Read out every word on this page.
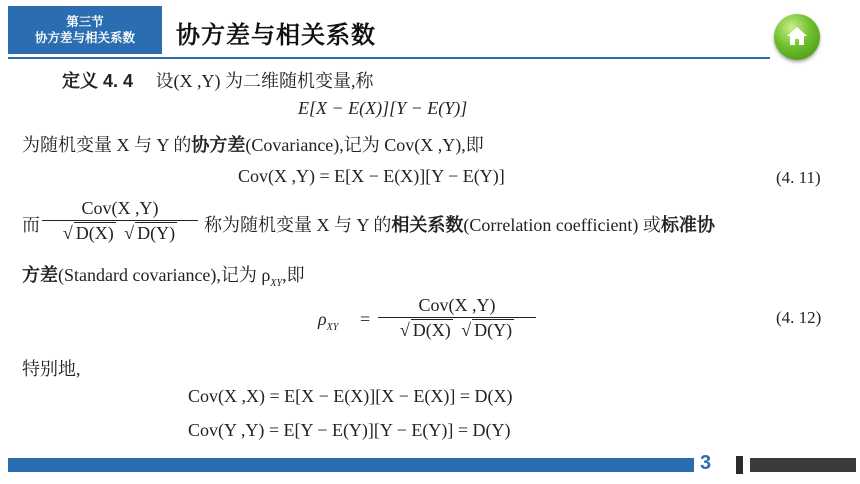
第三节
协方差与相关系数	协方差与相关系数
定义 4. 4 设(X ,Y) 为二维随机变量,称
E[X − E(X)][Y − E(Y)]
为随机变量 X 与 Y 的协方差(Covariance),记为 Cov(X ,Y),即
Cov(X ,Y) = E[X − E(X)][Y − E(Y)]	(4. 11)
而
Cov(X ,Y)
√ D(X) √ D(Y)	称为随机变量 X 与 Y 的相关系数(Correlation coefficient) 或标准协
方差(Standard covariance),记为 $\rho_{XY}$,即
$\rho_{XY}$ =
Cov(X ,Y)
√ D(X) √ D(Y)
(4. 12)
特别地,
Cov(X ,X) = E[X − E(X)][X − E(X)] = D(X)
Cov(Y ,Y) = E[Y − E(Y)][Y − E(Y)] = D(Y)
3
